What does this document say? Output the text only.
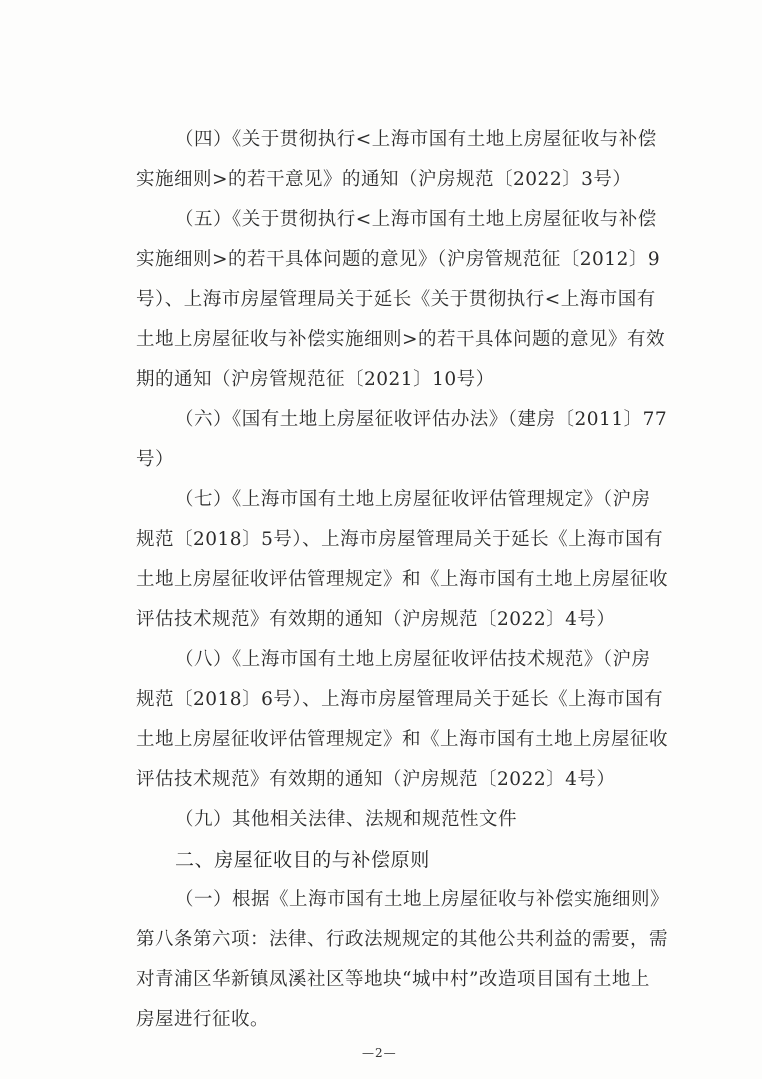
（四）《关于贯彻执行<上海市国有土地上房屋征收与补偿
实施细则>的若干意见》的通知（沪房规范〔2022〕3号）
（五）《关于贯彻执行<上海市国有土地上房屋征收与补偿
实施细则>的若干具体问题的意见》（沪房管规范征〔2012〕9
号）、上海市房屋管理局关于延长《关于贯彻执行<上海市国有
土地上房屋征收与补偿实施细则>的若干具体问题的意见》有效
期的通知（沪房管规范征〔2021〕10号）
（六）《国有土地上房屋征收评估办法》（建房〔2011〕77
号）
（七）《上海市国有土地上房屋征收评估管理规定》（沪房
规范〔2018〕5号）、上海市房屋管理局关于延长《上海市国有
土地上房屋征收评估管理规定》和《上海市国有土地上房屋征收
评估技术规范》有效期的通知（沪房规范〔2022〕4号）
（八）《上海市国有土地上房屋征收评估技术规范》（沪房
规范〔2018〕6号）、上海市房屋管理局关于延长《上海市国有
土地上房屋征收评估管理规定》和《上海市国有土地上房屋征收
评估技术规范》有效期的通知（沪房规范〔2022〕4号）
（九）其他相关法律、法规和规范性文件
二、房屋征收目的与补偿原则
（一）根据《上海市国有土地上房屋征收与补偿实施细则》
第八条第六项：法律、行政法规规定的其他公共利益的需要，需
对青浦区华新镇凤溪社区等地块“城中村”改造项目国有土地上
房屋进行征收。
—2—
